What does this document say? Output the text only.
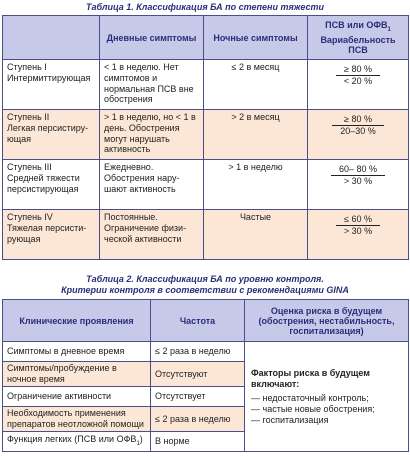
Таблица 1. Классификация БА по степени тяжести
	Дневные симптомы	Ночные симптомы	ПСВ или $ОФВ_1$
Вариабельность ПСВ
Ступень I
Интермиттирующая	< 1 в неделю. Нет симптомов и нормальная ПСВ вне обострения	≤ 2 в месяц	$\frac{\ge 80 \%}{< 20 \%}$

Ступень II
Легкая персистиру-ющая	> 1 в неделю, но < 1 в день. Обострения могут нарушать активность	> 2 в месяц	$\frac{\ge 80 \%}{20-30 \%}$

Ступень III
Средней тяжести персистирующая	Ежедневно. Обострения нару-шают активность	> 1 в неделю	$\frac{60- 80 \%}{> 30 \%}$

Ступень IV
Тяжелая персисти-рующая	Постоянные. Ограничение физи-ческой активности	Частые	$\frac{\le 60 \%}{> 30 \%}$
Таблица 2. Классификация БА по уровню контроля.
Критерии контроля в соответствии с рекомендациями GINA
Клинические проявления	Частота	Оценка риска в будущем (обострения, нестабильность, госпитализация)
Симптомы в дневное время	≤ 2 раза в неделю	Факторы риска в будущем включают:
— недостаточный контроль;
— частые новые обострения;
— госпитализация

Симптомы/пробуждение в ночное время	Отсутствуют	
Ограничение активности	Отсутствует	
Необходимость применения препаратов неотложной помощи	≤ 2 раза в неделю	
Функция легких (ПСВ или $ОФВ_1$)	В норме	
